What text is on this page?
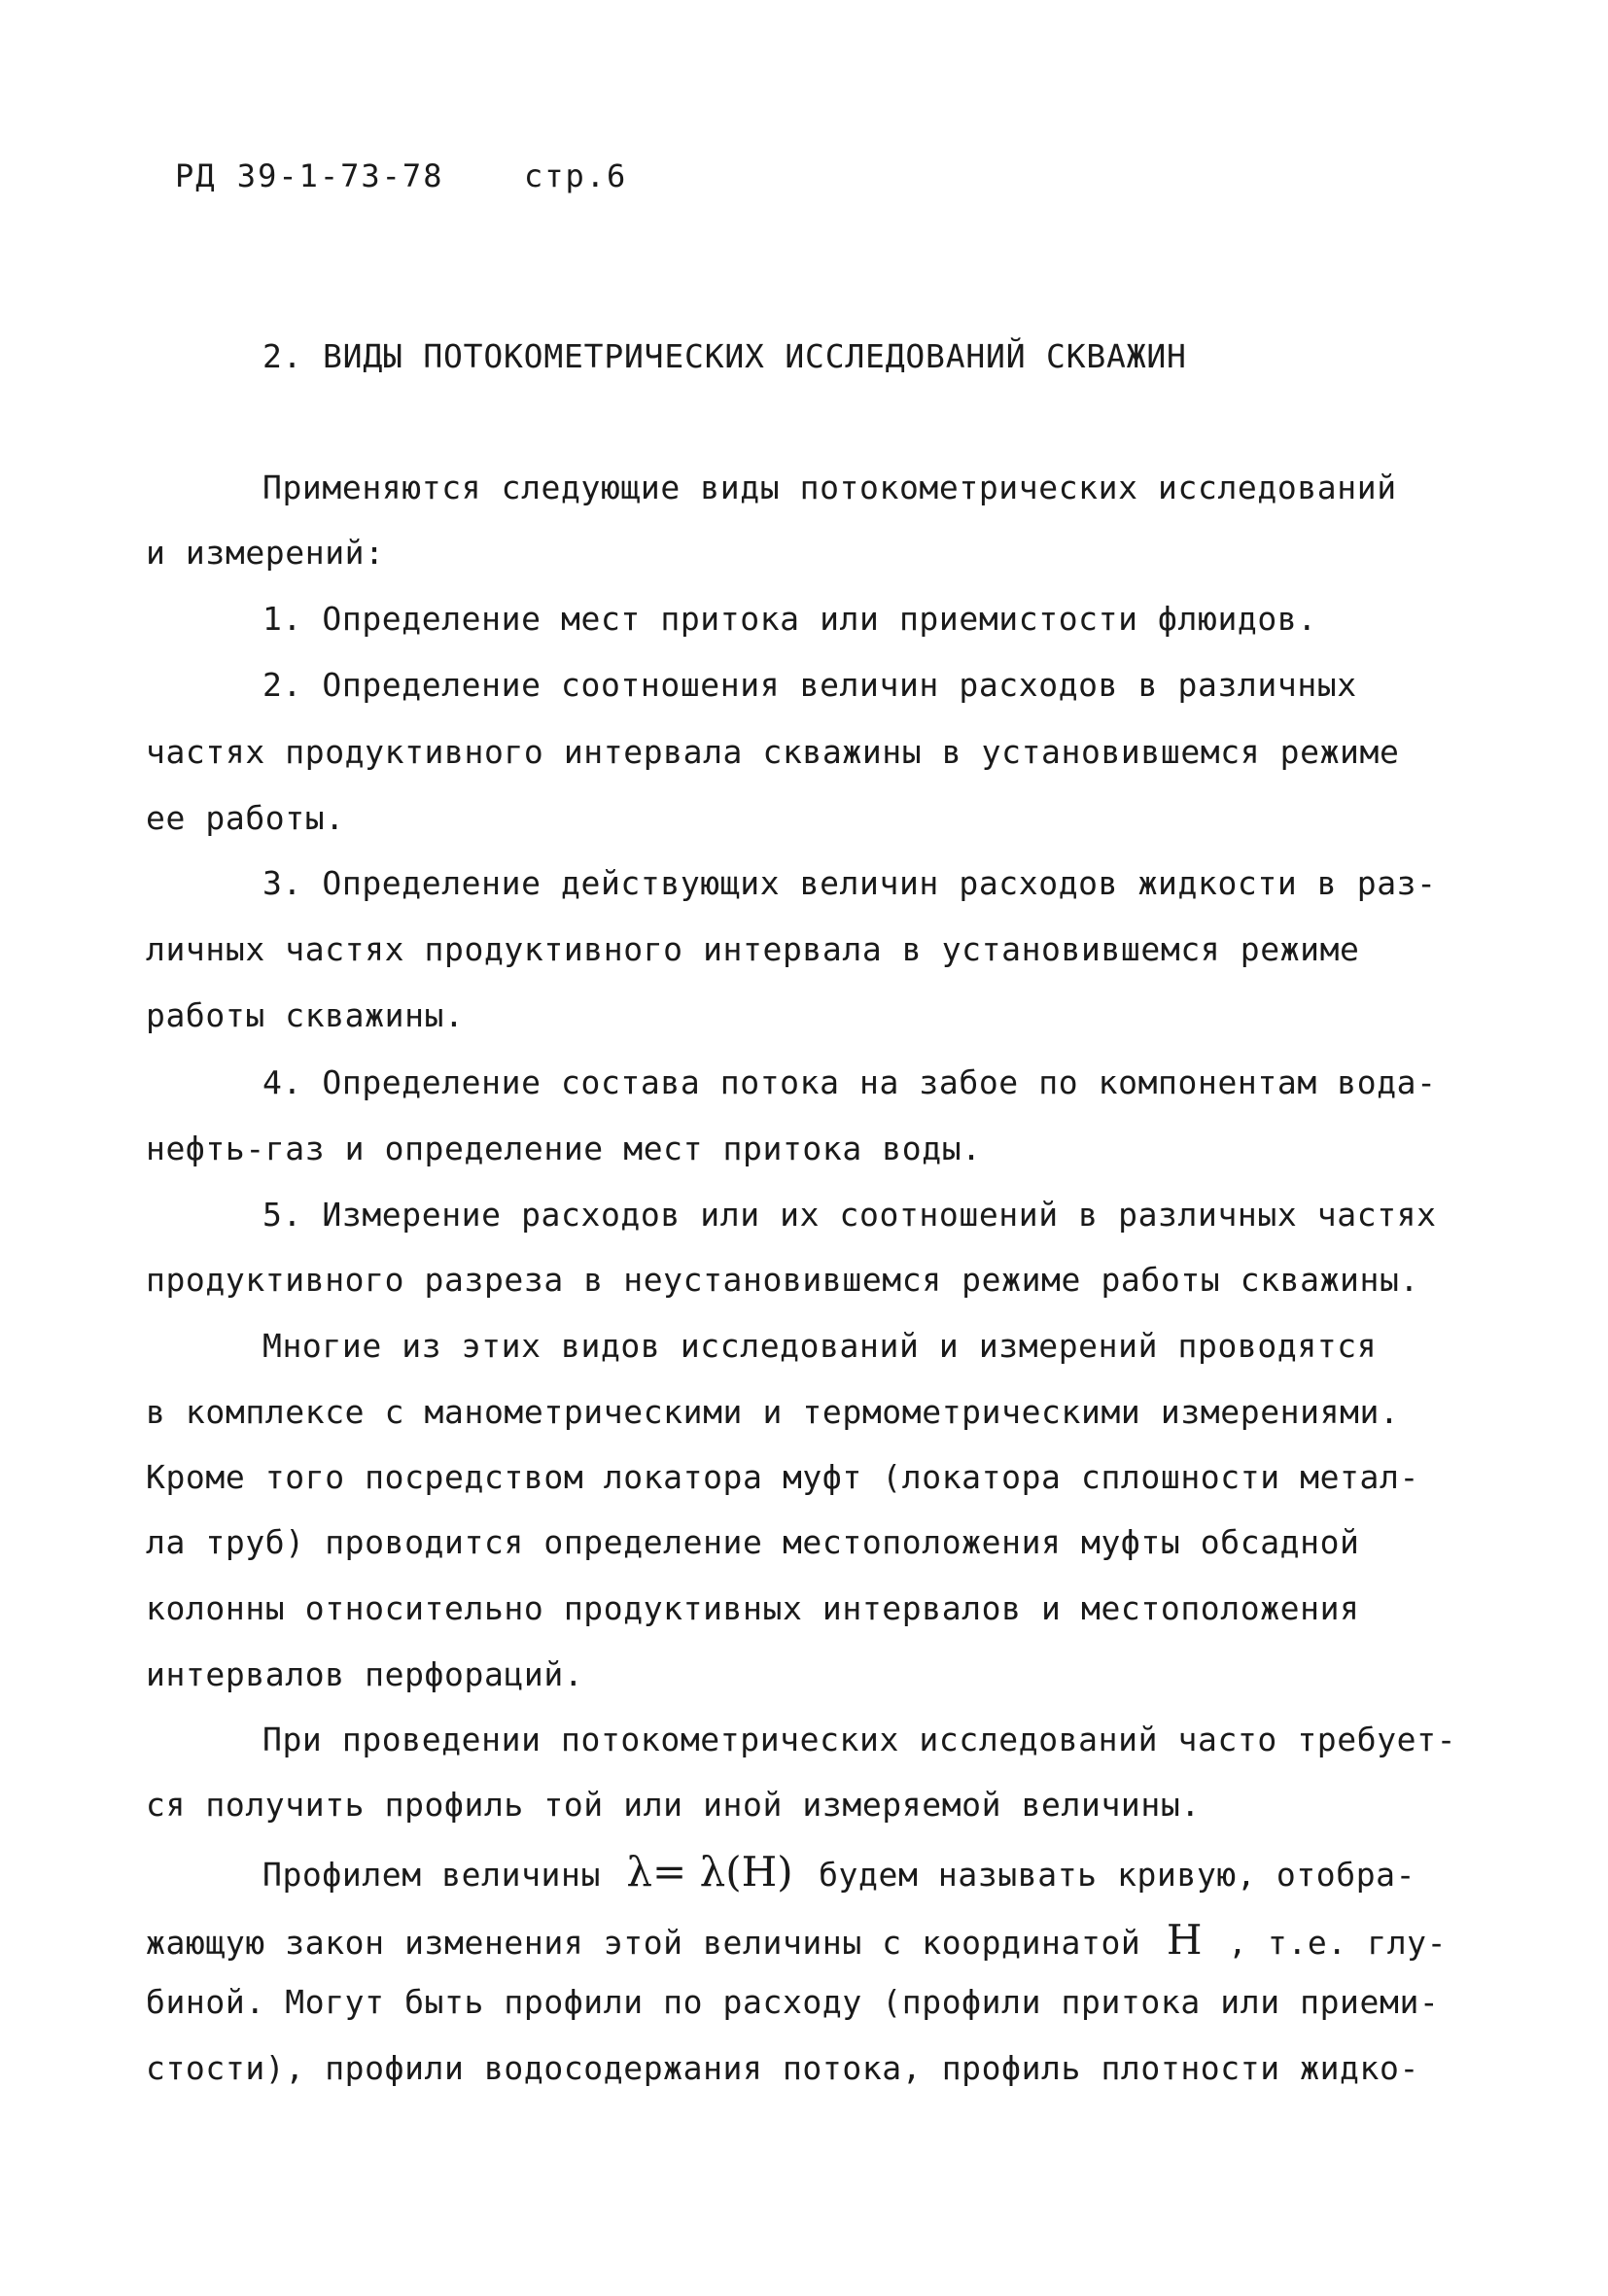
РД 39-1-73-78	стр.6
2. ВИДЫ ПОТОКОМЕТРИЧЕСКИХ ИССЛЕДОВАНИЙ СКВАЖИН
Применяются следующие виды потокометрических исследований
и измерений:
1. Определение мест притока или приемистости флюидов.
2. Определение соотношения величин расходов в различных
частях продуктивного интервала скважины в установившемся режиме
ее работы.
3. Определение действующих величин расходов жидкости в раз-
личных частях продуктивного интервала в установившемся режиме
работы скважины.
4. Определение состава потока на забое по компонентам вода-
нефть-газ и определение мест притока воды.
5. Измерение расходов или их соотношений в различных частях
продуктивного разреза в неустановившемся режиме работы скважины.
Многие из этих видов исследований и измерений проводятся
в комплексе с манометрическими и термометрическими измерениями.
Кроме того посредством локатора муфт (локатора сплошности метал-
ла труб) проводится определение местоположения муфты обсадной
колонны относительно продуктивных интервалов и местоположения
интервалов перфораций.
При проведении потокометрических исследований часто требует-
ся получить профиль той или иной измеряемой величины.
Профилем величины λ= λ(H) будем называть кривую, отобра-
жающую закон изменения этой величины с координатой H , т.е. глу-
биной. Могут быть профили по расходу (профили притока или приеми-
стости), профили водосодержания потока, профиль плотности жидко-
